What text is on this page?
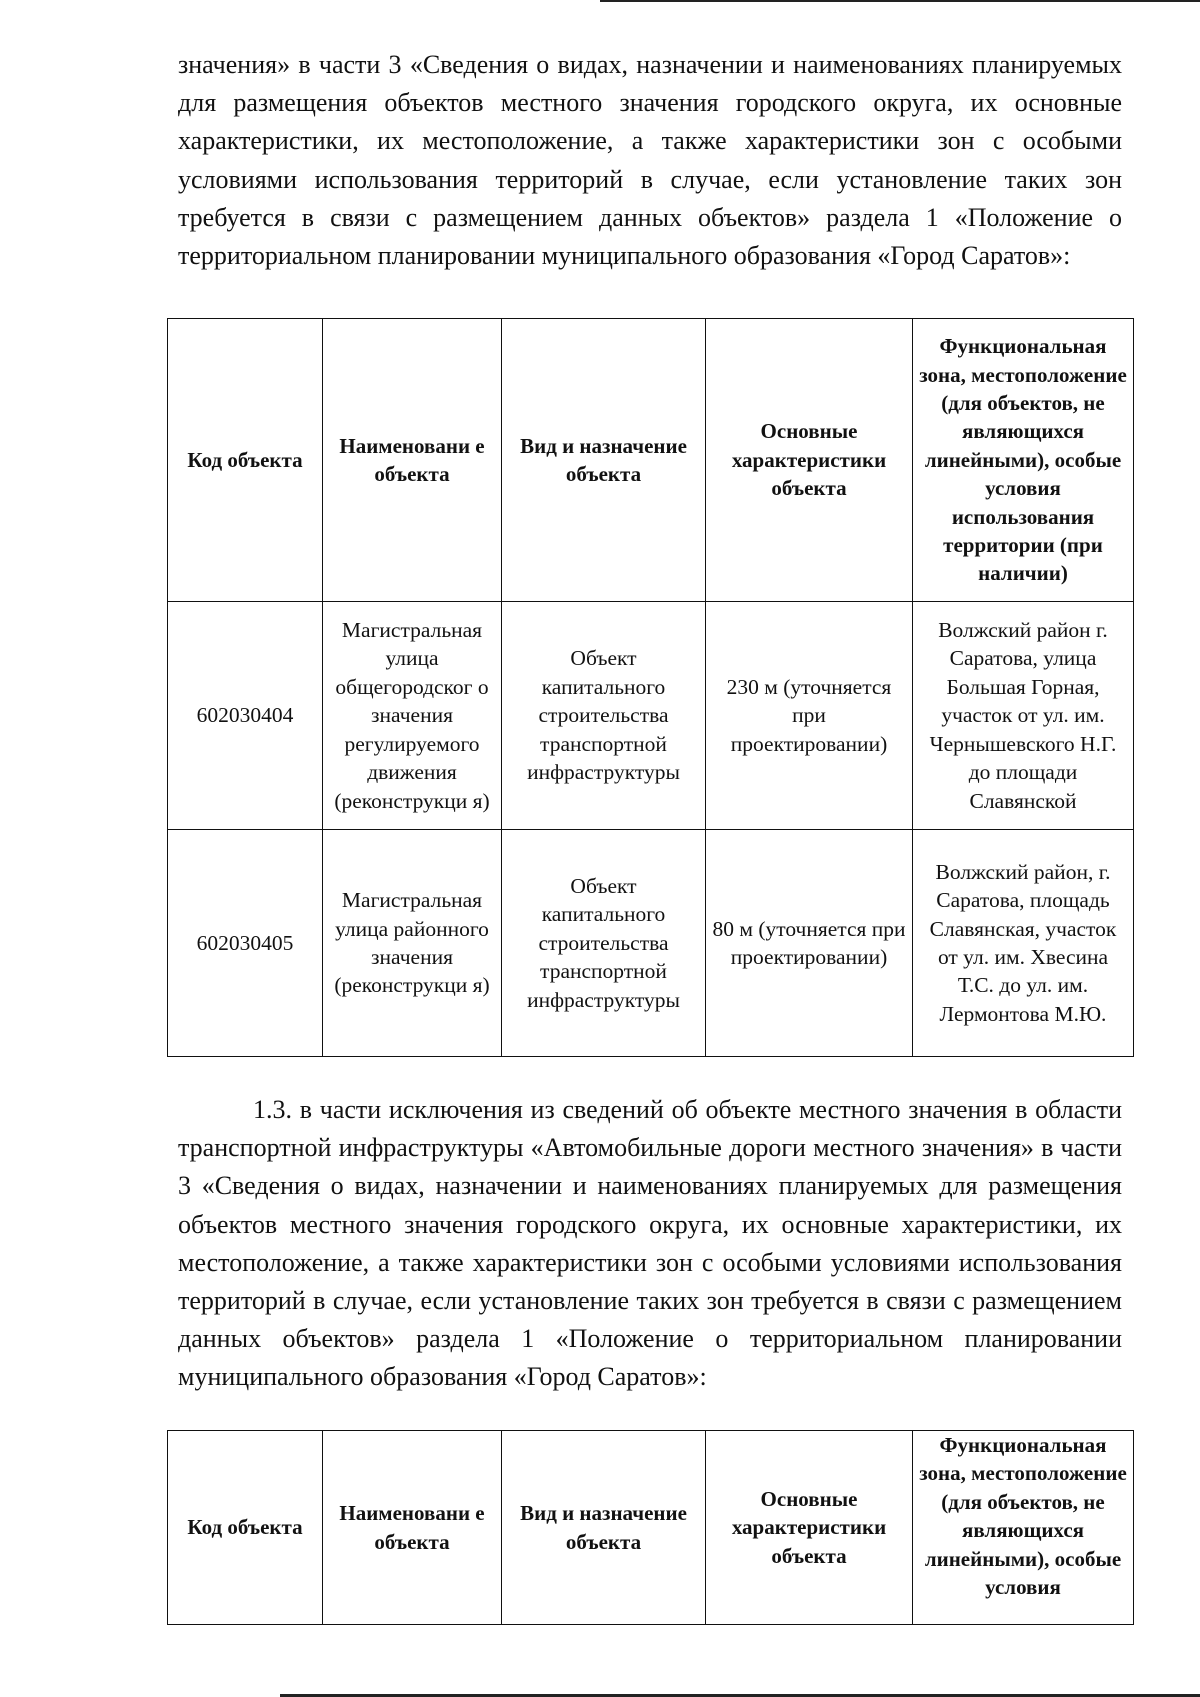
значения» в части 3 «Сведения о видах, назначении и наименованиях планируемых для размещения объектов местного значения городского округа, их основные характеристики, их местоположение, а также характеристики зон с особыми условиями использования территорий в случае, если установление таких зон требуется в связи с размещением данных объектов» раздела 1 «Положение о территориальном планировании муниципального образования «Город Саратов»:

Код объекта	Наименовани е объекта	Вид и назначение объекта	Основные характеристики объекта	Функциональная зона, местоположение (для объектов, не являющихся линейными), особые условия использования территории (при наличии)
602030404	Магистральная улица общегородског о значения регулируемого движения (реконструкци я)	Объект капитального строительства транспортной инфраструктуры	230 м (уточняется при проектировании)	Волжский район г. Саратова, улица Большая Горная, участок от ул. им. Чернышевского Н.Г. до площади Славянской
602030405	Магистральная улица районного значения (реконструкци я)	Объект капитального строительства транспортной инфраструктуры	80 м (уточняется при проектировании)	Волжский район, г. Саратова, площадь Славянская, участок от ул. им. Хвесина Т.С. до ул. им. Лермонтова М.Ю.

1.3. в части исключения из сведений об объекте местного значения в области транспортной инфраструктуры «Автомобильные дороги местного значения» в части 3 «Сведения о видах, назначении и наименованиях планируемых для размещения объектов местного значения городского округа, их основные характеристики, их местоположение, а также характеристики зон с особыми условиями использования территорий в случае, если установление таких зон требуется в связи с размещением данных объектов» раздела 1 «Положение о территориальном планировании муниципального образования «Город Саратов»:

Код объекта	Наименовани е объекта	Вид и назначение объекта	Основные характеристики объекта	Функциональная зона, местоположение (для объектов, не являющихся линейными), особые условия
